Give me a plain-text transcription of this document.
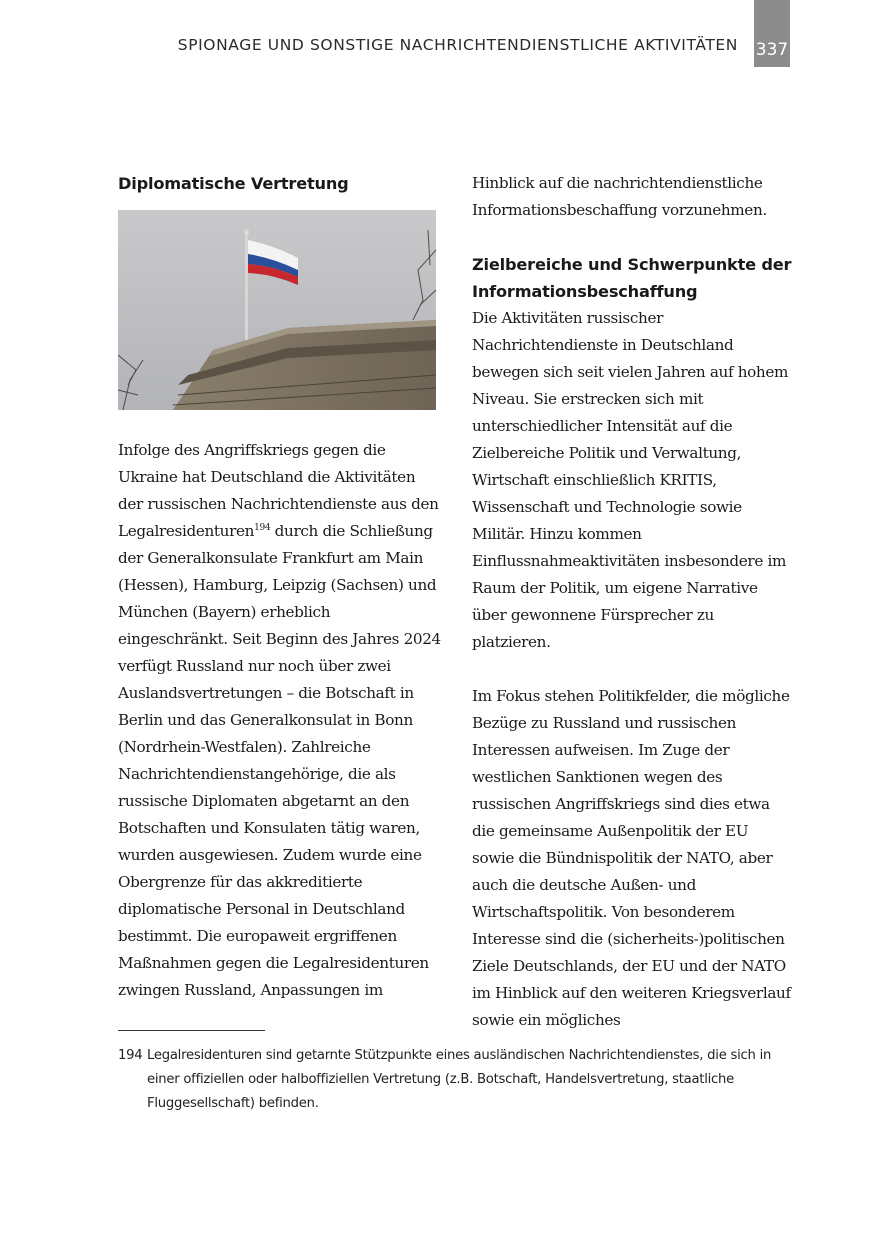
SPIONAGE UND SONSTIGE NACHRICHTENDIENSTLICHE AKTIVITÄTEN 337

Diplomatische Vertretung

Infolge des Angriffskriegs gegen die Ukraine hat Deutschland die Aktivitäten der russischen Nachrichtendienste aus den Legalresidenturen$^{194}$ durch die Schließung der Generalkonsulate Frankfurt am Main (Hessen), Hamburg, Leipzig (Sachsen) und München (Bayern) erheblich eingeschränkt. Seit Beginn des Jahres 2024 verfügt Russland nur noch über zwei Auslandsvertretungen – die Botschaft in Berlin und das Generalkonsulat in Bonn (Nordrhein-Westfalen). Zahlreiche Nachrichtendienstangehörige, die als russische Diplomaten abgetarnt an den Botschaften und Konsulaten tätig waren, wurden ausgewiesen. Zudem wurde eine Obergrenze für das akkreditierte diplomatische Personal in Deutschland bestimmt. Die europaweit ergriffenen Maßnahmen gegen die Legalresidenturen zwingen Russland, Anpassungen im

Hinblick auf die nachrichtendienstliche Informationsbeschaffung vorzunehmen.

Zielbereiche und Schwerpunkte der Informationsbeschaffung

Die Aktivitäten russischer Nachrichtendienste in Deutschland bewegen sich seit vielen Jahren auf hohem Niveau. Sie erstrecken sich mit unterschiedlicher Intensität auf die Zielbereiche Politik und Verwaltung, Wirtschaft einschließlich KRITIS, Wissenschaft und Technologie sowie Militär. Hinzu kommen Einflussnahmeaktivitäten insbesondere im Raum der Politik, um eigene Narrative über gewonnene Fürsprecher zu platzieren.

Im Fokus stehen Politikfelder, die mögliche Bezüge zu Russland und russischen Interessen aufweisen. Im Zuge der westlichen Sanktionen wegen des russischen Angriffskriegs sind dies etwa die gemeinsame Außenpolitik der EU sowie die Bündnispolitik der NATO, aber auch die deutsche Außen- und Wirtschaftspolitik. Von besonderem Interesse sind die (sicherheits-)politischen Ziele Deutschlands, der EU und der NATO im Hinblick auf den weiteren Kriegsverlauf sowie ein mögliches

194 Legalresidenturen sind getarnte Stützpunkte eines ausländischen Nachrichtendienstes, die sich in einer offiziellen oder halboffiziellen Vertretung (z.B. Botschaft, Handelsvertretung, staatliche Fluggesellschaft) befinden.
